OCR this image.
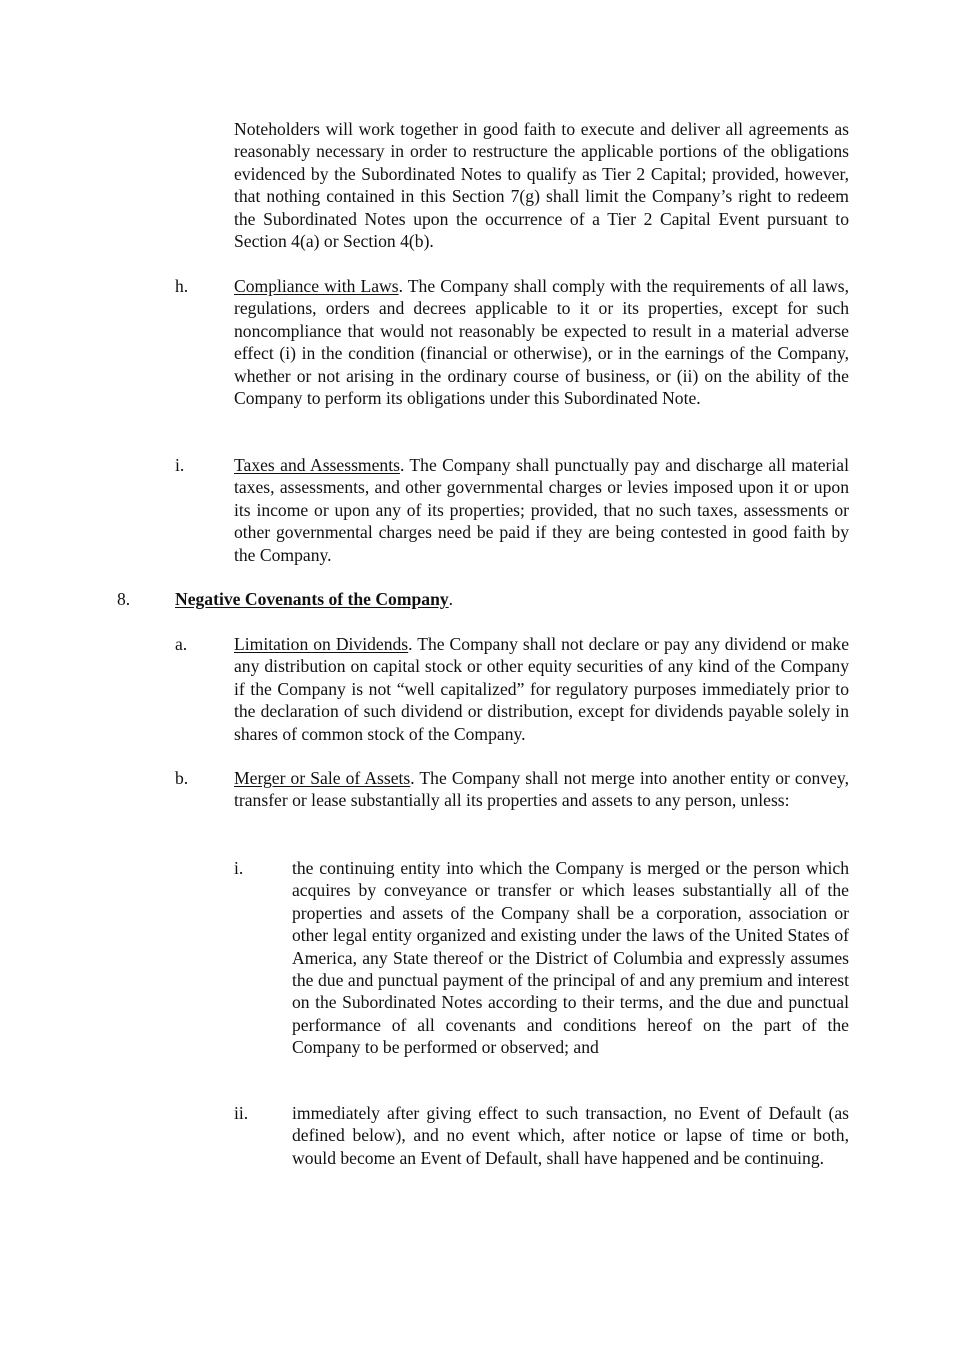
Noteholders will work together in good faith to execute and deliver all agreements as reasonably necessary in order to restructure the applicable portions of the obligations evidenced by the Subordinated Notes to qualify as Tier 2 Capital; provided, however, that nothing contained in this Section 7(g) shall limit the Company’s right to redeem the Subordinated Notes upon the occurrence of a Tier 2 Capital Event pursuant to Section 4(a) or Section 4(b).
h.	Compliance with Laws. The Company shall comply with the requirements of all laws, regulations, orders and decrees applicable to it or its properties, except for such noncompliance that would not reasonably be expected to result in a material adverse effect (i) in the condition (financial or otherwise), or in the earnings of the Company, whether or not arising in the ordinary course of business, or (ii) on the ability of the Company to perform its obligations under this Subordinated Note.
i.	Taxes and Assessments. The Company shall punctually pay and discharge all material taxes, assessments, and other governmental charges or levies imposed upon it or upon its income or upon any of its properties; provided, that no such taxes, assessments or other governmental charges need be paid if they are being contested in good faith by the Company.
8.	Negative Covenants of the Company.
a.	Limitation on Dividends. The Company shall not declare or pay any dividend or make any distribution on capital stock or other equity securities of any kind of the Company if the Company is not “well capitalized” for regulatory purposes immediately prior to the declaration of such dividend or distribution, except for dividends payable solely in shares of common stock of the Company.
b.	Merger or Sale of Assets. The Company shall not merge into another entity or convey, transfer or lease substantially all its properties and assets to any person, unless:
i.	the continuing entity into which the Company is merged or the person which acquires by conveyance or transfer or which leases substantially all of the properties and assets of the Company shall be a corporation, association or other legal entity organized and existing under the laws of the United States of America, any State thereof or the District of Columbia and expressly assumes the due and punctual payment of the principal of and any premium and interest on the Subordinated Notes according to their terms, and the due and punctual performance of all covenants and conditions hereof on the part of the Company to be performed or observed; and
ii. immediately after giving effect to such transaction, no Event of Default (as defined below), and no event which, after notice or lapse of time or both, would become an Event of Default, shall have happened and be continuing.
